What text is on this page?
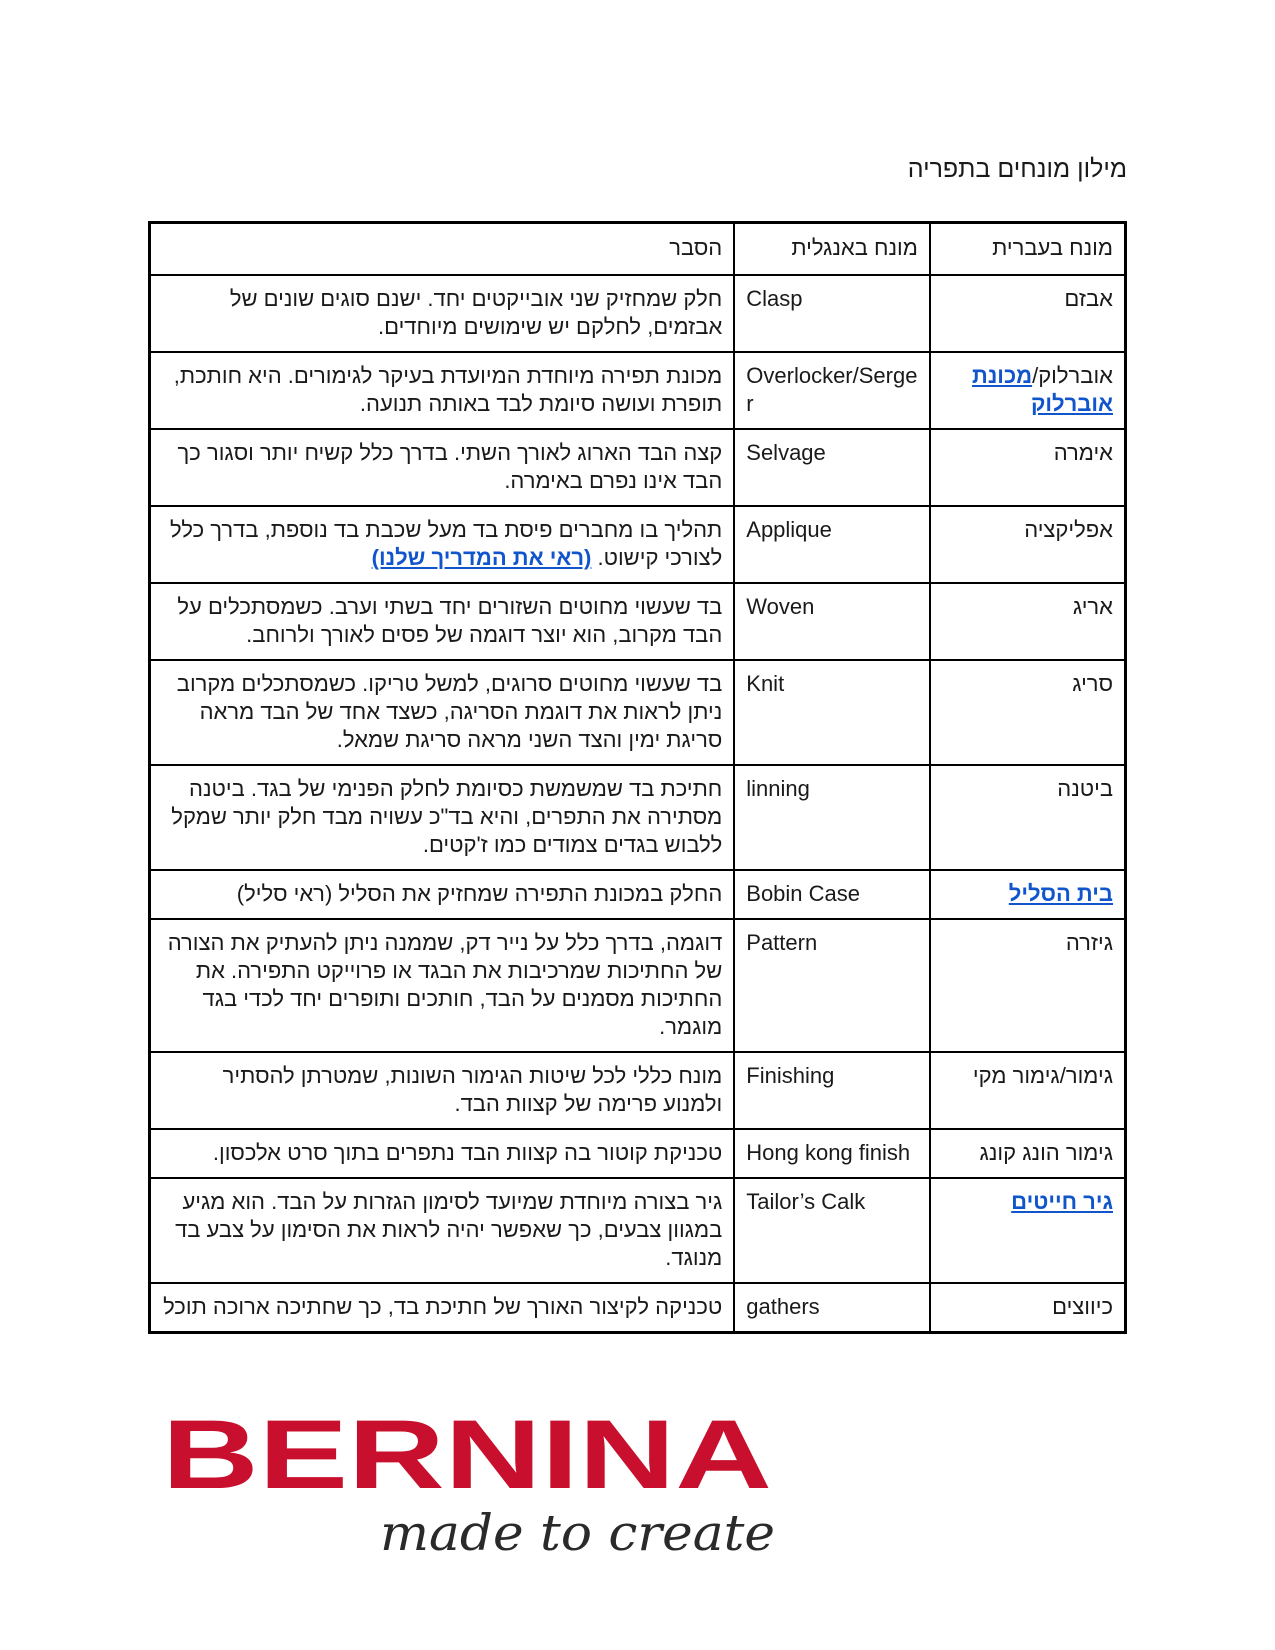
מילון מונחים בתפריה
הסבר	מונח באנגלית	מונח בעברית
חלק שמחזיק שני אובייקטים יחד. ישנם סוגים שונים של אבזמים, לחלקם יש שימושים מיוחדים.	Clasp	אבזם
מכונת תפירה מיוחדת המיועדת בעיקר לגימורים. היא חותכת, תופרת ועושה סיומת לבד באותה תנועה.	Overlocker/Serger	אוברלוק/מכונת אוברלוק
קצה הבד הארוג לאורך השתי. בדרך כלל קשיח יותר וסגור כך הבד אינו נפרם באימרה.	Selvage	אימרה
תהליך בו מחברים פיסת בד מעל שכבת בד נוספת, בדרך כלל לצורכי קישוט. (ראי את המדריך שלנו)	Applique	אפליקציה
בד שעשוי מחוטים השזורים יחד בשתי וערב. כשמסתכלים על הבד מקרוב, הוא יוצר דוגמה של פסים לאורך ולרוחב.	Woven	אריג
בד שעשוי מחוטים סרוגים, למשל טריקו. כשמסתכלים מקרוב ניתן לראות את דוגמת הסריגה, כשצד אחד של הבד מראה סריגת ימין והצד השני מראה סריגת שמאל.	Knit	סריג
חתיכת בד שמשמשת כסיומת לחלק הפנימי של בגד. ביטנה מסתירה את התפרים, והיא בד"כ עשויה מבד חלק יותר שמקל ללבוש בגדים צמודים כמו ז'קטים.	linning	ביטנה
החלק במכונת התפירה שמחזיק את הסליל (ראי סליל)	Bobin Case	בית הסליל
דוגמה, בדרך כלל על נייר דק, שממנה ניתן להעתיק את הצורה של החתיכות שמרכיבות את הבגד או פרוייקט התפירה. את החתיכות מסמנים על הבד, חותכים ותופרים יחד לכדי בגד מוגמר.	Pattern	גיזרה
מונח כללי לכל שיטות הגימור השונות, שמטרתן להסתיר ולמנוע פרימה של קצוות הבד.	Finishing	גימור/גימור מקי
טכניקת קוטור בה קצוות הבד נתפרים בתוך סרט אלכסון.	Hong kong finish	גימור הונג קונג
גיר בצורה מיוחדת שמיועד לסימון הגזרות על הבד. הוא מגיע במגוון צבעים, כך שאפשר יהיה לראות את הסימון על צבע בד מנוגד.	Tailor’s Calk	גיר חייטים
טכניקה לקיצור האורך של חתיכת בד, כך שחתיכה ארוכה תוכל	gathers	כיווצים
BERNINA
made to create
